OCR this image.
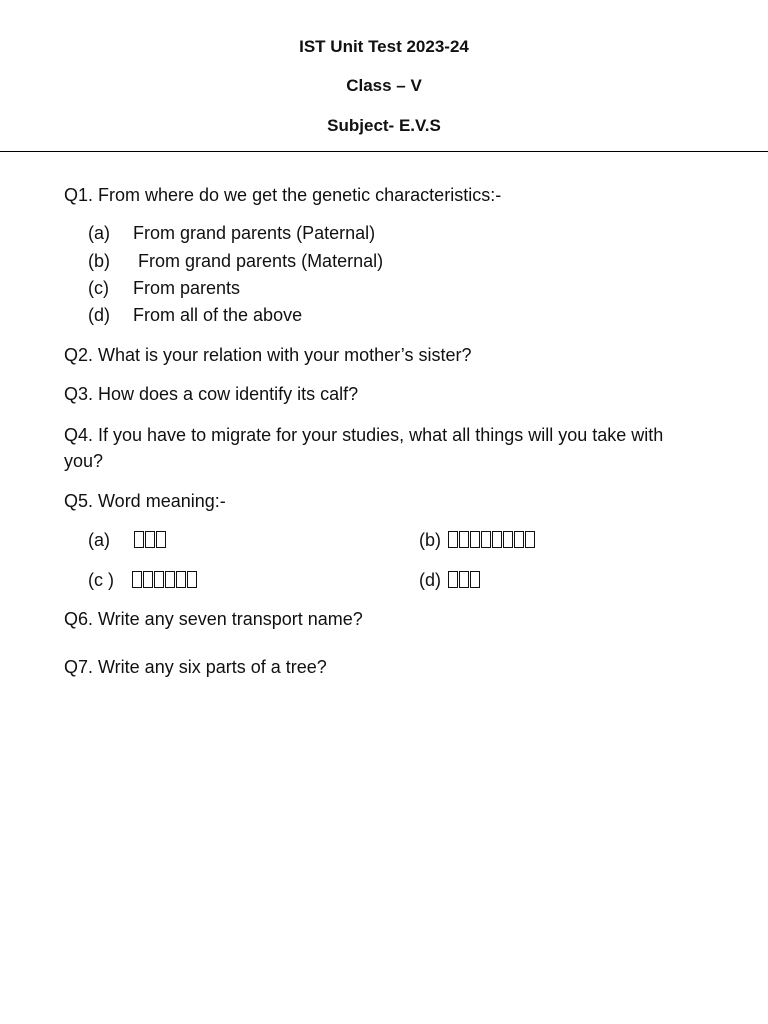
IST Unit Test 2023-24
Class – V
Subject- E.V.S
Q1. From where do we get the genetic characteristics:-
(a) From grand parents (Paternal)
(b) From grand parents (Maternal)
(c) From parents
(d) From all of the above
Q2. What is your relation with your mother’s sister?
Q3. How does a cow identify its calf?
Q4. If you have to migrate for your studies, what all things will you take with you?
Q5. Word meaning:-
(a)	(b)
(c )	(d)
Q6. Write any seven transport name?
Q7. Write any six parts of a tree?
